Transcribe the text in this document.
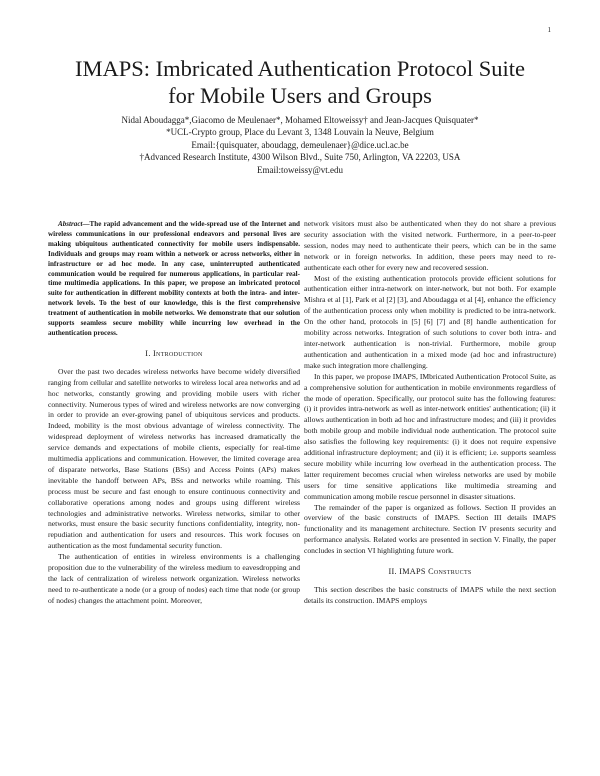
1
IMAPS: Imbricated Authentication Protocol Suite
for Mobile Users and Groups
Nidal Aboudagga*,Giacomo de Meulenaer*, Mohamed Eltoweissy† and Jean-Jacques Quisquater*
*UCL-Crypto group, Place du Levant 3, 1348 Louvain la Neuve, Belgium
Email:{quisquater, aboudagg, demeulenaer}@dice.ucl.ac.be
†Advanced Research Institute, 4300 Wilson Blvd., Suite 750, Arlington, VA 22203, USA
Email:toweissy@vt.edu

Abstract—The rapid advancement and the wide-spread use of the Internet and wireless communications in our professional endeavors and personal lives are making ubiquitous authenticated connectivity for mobile users indispensable. Individuals and groups may roam within a network or across networks, either in infrastructure or ad hoc mode. In any case, uninterrupted authenticated communication would be required for numerous applications, in particular real-time multimedia applications. In this paper, we propose an imbricated protocol suite for authentication in different mobility contexts at both the intra- and inter-network levels. To the best of our knowledge, this is the first comprehensive treatment of authentication in mobile networks. We demonstrate that our solution supports seamless secure mobility while incurring low overhead in the authentication process.

I. Introduction

Over the past two decades wireless networks have become widely diversified ranging from cellular and satellite networks to wireless local area networks and ad hoc networks, constantly growing and providing mobile users with richer connectivity. Numerous types of wired and wireless networks are now converging in order to provide an ever-growing panel of ubiquitous services and products. Indeed, mobility is the most obvious advantage of wireless connectivity. The widespread deployment of wireless networks has increased dramatically the service demands and expectations of mobile clients, especially for real-time multimedia applications and communication. However, the limited coverage area of disparate networks, Base Stations (BSs) and Access Points (APs) makes inevitable the handoff between APs, BSs and networks while roaming. This process must be secure and fast enough to ensure continuous connectivity and collaborative operations among nodes and groups using different wireless technologies and administrative networks. Wireless networks, similar to other networks, must ensure the basic security functions confidentiality, integrity, non-repudiation and authentication for users and resources. This work focuses on authentication as the most fundamental security function.

The authentication of entities in wireless environments is a challenging proposition due to the vulnerability of the wireless medium to eavesdropping and the lack of centralization of wireless network organization. Wireless networks need to re-authenticate a node (or a group of nodes) each time that node (or group of nodes) changes the attachment point. Moreover,

network visitors must also be authenticated when they do not share a previous security association with the visited network. Furthermore, in a peer-to-peer session, nodes may need to authenticate their peers, which can be in the same network or in foreign networks. In addition, these peers may need to re-authenticate each other for every new and recovered session.

Most of the existing authentication protocols provide efficient solutions for authentication either intra-network on inter-network, but not both. For example Mishra et al [1], Park et al [2] [3], and Aboudagga et al [4], enhance the efficiency of the authentication process only when mobility is predicted to be intra-network. On the other hand, protocols in [5] [6] [7] and [8] handle authentication for mobility across networks. Integration of such solutions to cover both intra- and inter-network authentication is non-trivial. Furthermore, mobile group authentication and authentication in a mixed mode (ad hoc and infrastructure) make such integration more challenging.

In this paper, we propose IMAPS, IMbricated Authentication Protocol Suite, as a comprehensive solution for authentication in mobile environments regardless of the mode of operation. Specifically, our protocol suite has the following features: (i) it provides intra-network as well as inter-network entities' authentication; (ii) it allows authentication in both ad hoc and infrastructure modes; and (iii) it provides both mobile group and mobile individual node authentication. The protocol suite also satisfies the following key requirements: (i) it does not require expensive additional infrastructure deployment; and (ii) it is efficient; i.e. supports seamless secure mobility while incurring low overhead in the authentication process. The latter requirement becomes crucial when wireless networks are used by mobile users for time sensitive applications like multimedia streaming and communication among mobile rescue personnel in disaster situations.

The remainder of the paper is organized as follows. Section II provides an overview of the basic constructs of IMAPS. Section III details IMAPS functionality and its management architecture. Section IV presents security and performance analysis. Related works are presented in section V. Finally, the paper concludes in section VI highlighting future work.

II. IMAPS Constructs

This section describes the basic constructs of IMAPS while the next section details its construction. IMAPS employs
